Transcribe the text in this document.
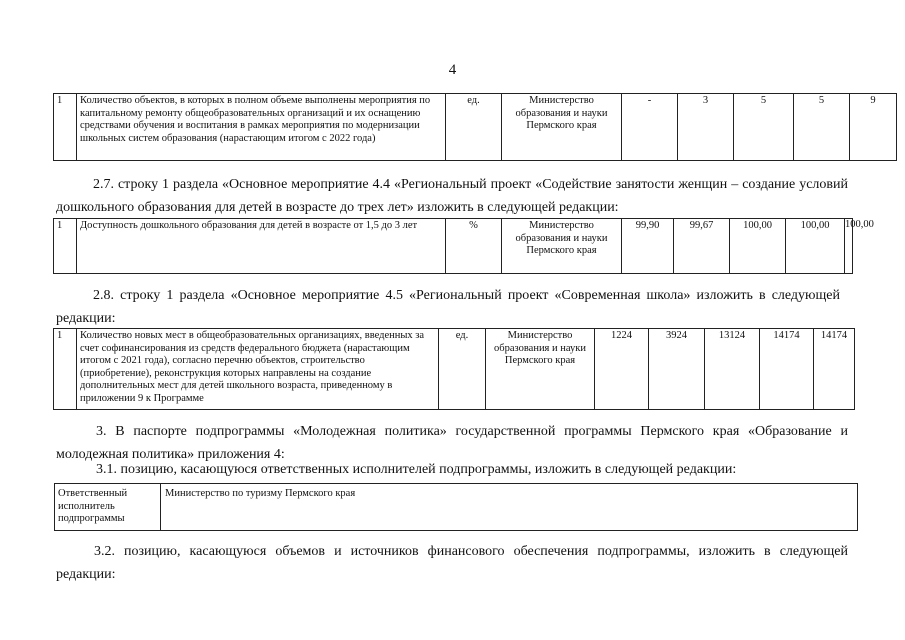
4
1	Количество объектов, в которых в полном объеме выполнены мероприятия по капитальному ремонту общеобразовательных организаций и их оснащению средствами обучения и воспитания в рамках мероприятия по модернизации школьных систем образования (нарастающим итогом с 2022 года)	ед.	Министерство образования и науки Пермского края	-	3	5	5	9
2.7. строку 1 раздела «Основное мероприятие 4.4 «Региональный проект «Содействие занятости женщин – создание условий дошкольного образования для детей в возрасте до трех лет» изложить в следующей редакции:
1	Доступность дошкольного образования для детей в возрасте от 1,5 до 3 лет	%	Министерство образования и науки Пермского края	99,90	99,67	100,00	100,00	100,00
2.8. строку 1 раздела «Основное мероприятие 4.5 «Региональный проект «Современная школа» изложить в следующей редакции:
1	Количество новых мест в общеобразовательных организациях, введенных за счет софинансирования из средств федерального бюджета (нарастающим итогом с 2021 года), согласно перечню объектов, строительство (приобретение), реконструкция которых направлены на создание дополнительных мест для детей школьного возраста, приведенному в приложении 9 к Программе	ед.	Министерство образования и науки Пермского края	1224	3924	13124	14174	14174
3. В паспорте подпрограммы «Молодежная политика» государственной программы Пермского края «Образование и молодежная политика» приложения 4:
3.1. позицию, касающуюся ответственных исполнителей подпрограммы, изложить в следующей редакции:
Ответственный исполнитель подпрограммы	Министерство по туризму Пермского края
3.2. позицию, касающуюся объемов и источников финансового обеспечения подпрограммы, изложить в следующей редакции:
